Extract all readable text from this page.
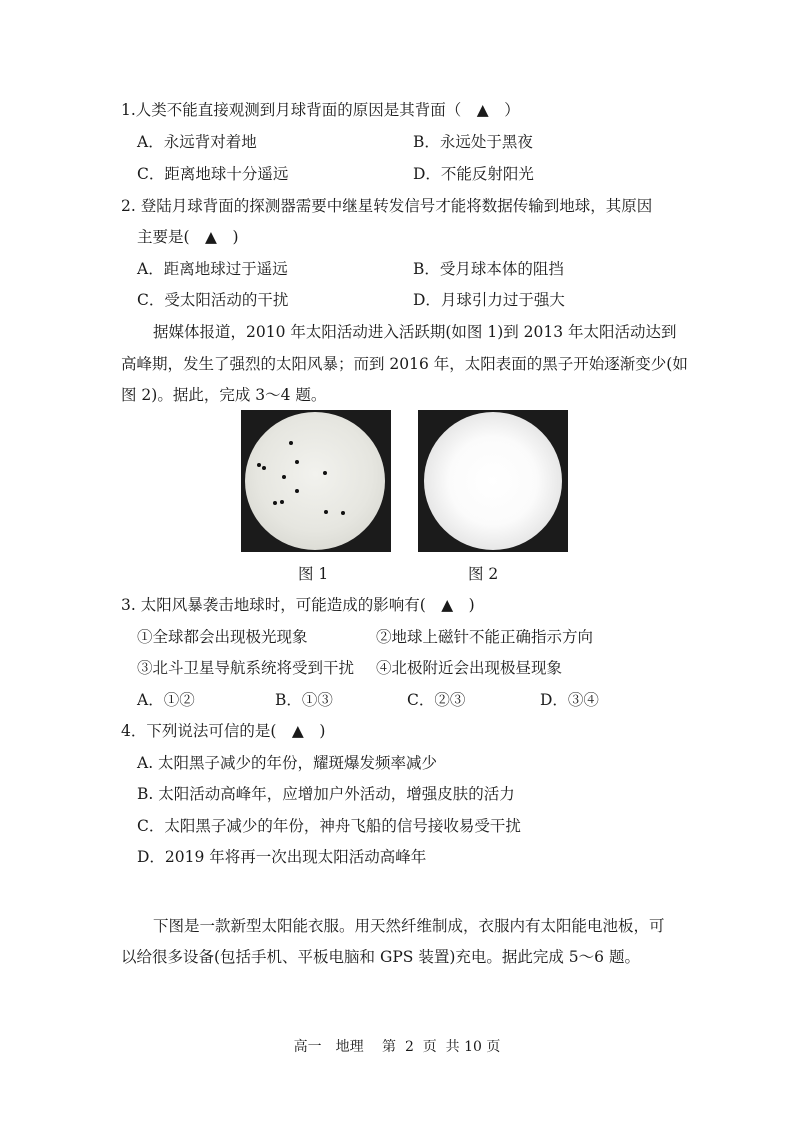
1.人类不能直接观测到月球背面的原因是其背面（　▲　）
A．永远背对着地	B．永远处于黑夜
C．距离地球十分遥远	D．不能反射阳光
2. 登陆月球背面的探测器需要中继星转发信号才能将数据传输到地球，其原因
主要是(　▲　)
A．距离地球过于遥远	B．受月球本体的阻挡
C．受太阳活动的干扰	D．月球引力过于强大
据媒体报道，2010 年太阳活动进入活跃期(如图 1)到 2013 年太阳活动达到
高峰期，发生了强烈的太阳风暴；而到 2016 年，太阳表面的黑子开始逐渐变少(如
图 2)。据此，完成 3～4 题。
图 1	图 2
3. 太阳风暴袭击地球时，可能造成的影响有(　▲　)
①全球都会出现极光现象	②地球上磁针不能正确指示方向
③北斗卫星导航系统将受到干扰 ④北极附近会出现极昼现象
A．①②	B．①③	C．②③	D．③④
4．下列说法可信的是(　▲　)
A. 太阳黑子减少的年份，耀斑爆发频率减少
B. 太阳活动高峰年，应增加户外活动，增强皮肤的活力
C．太阳黑子减少的年份，神舟飞船的信号接收易受干扰
D．2019 年将再一次出现太阳活动高峰年
下图是一款新型太阳能衣服。用天然纤维制成，衣服内有太阳能电池板，可
以给很多设备(包括手机、平板电脑和 GPS 装置)充电。据此完成 5～6 题。
高一　地理　 第  2  页  共 10 页
